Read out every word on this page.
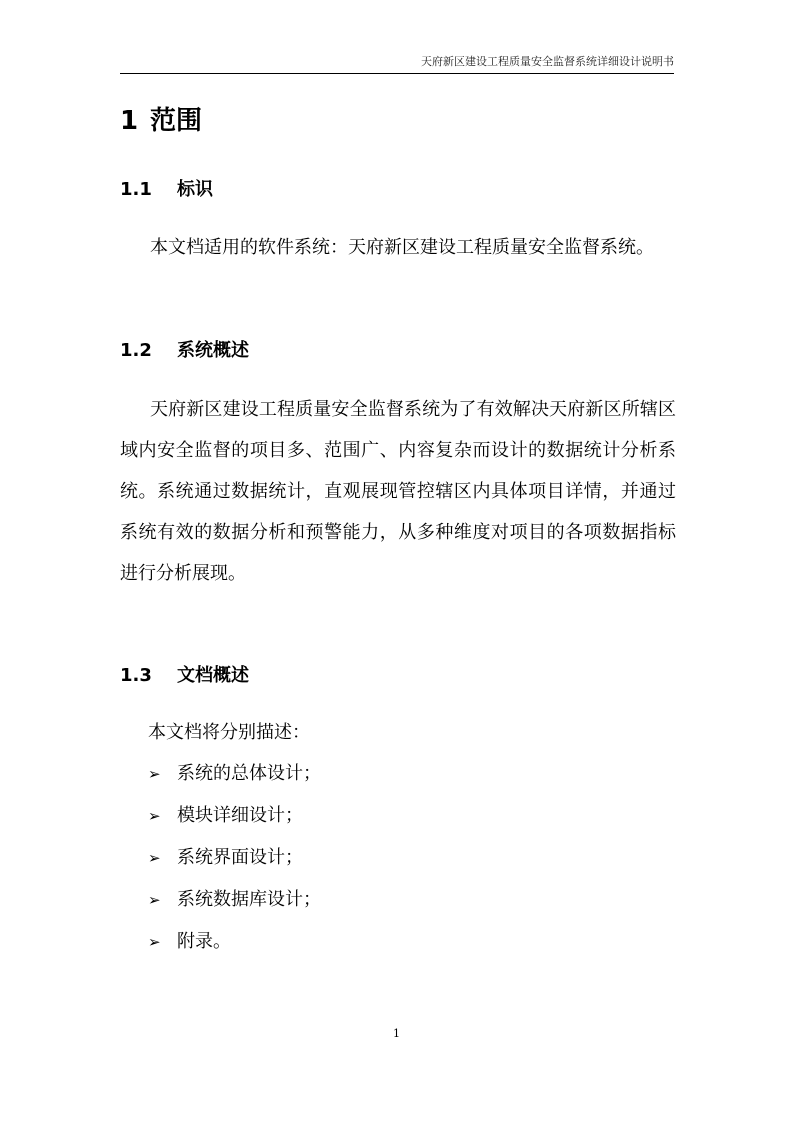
天府新区建设工程质量安全监督系统详细设计说明书
1 范围
1.1 标识
本文档适用的软件系统：天府新区建设工程质量安全监督系统。
1.2 系统概述
天府新区建设工程质量安全监督系统为了有效解决天府新区所辖区域内安全监督的项目多、范围广、内容复杂而设计的数据统计分析系统。系统通过数据统计，直观展现管控辖区内具体项目详情，并通过系统有效的数据分析和预警能力，从多种维度对项目的各项数据指标进行分析展现。
1.3 文档概述
本文档将分别描述：
➢ 系统的总体设计；
➢ 模块详细设计；
➢ 系统界面设计；
➢ 系统数据库设计；
➢ 附录。
1
